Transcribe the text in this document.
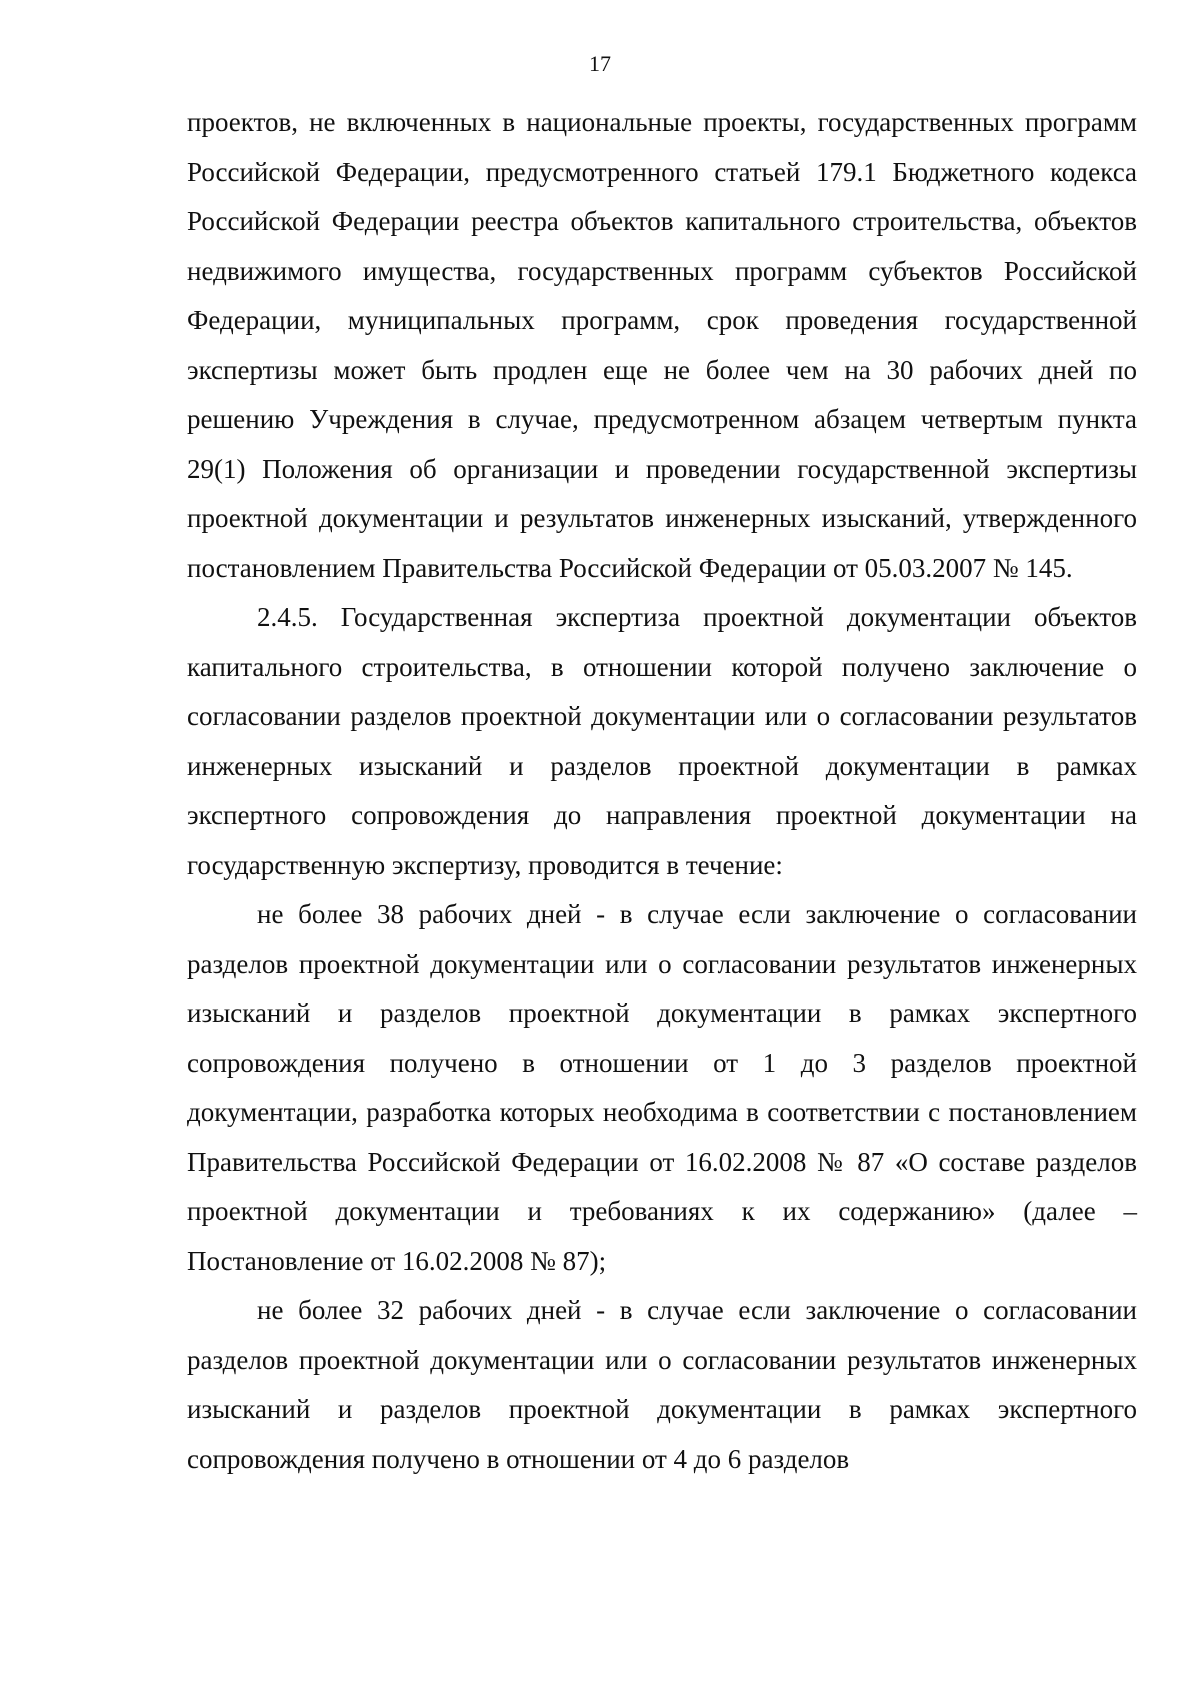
17

проектов, не включенных в национальные проекты, государственных программ Российской Федерации, предусмотренного статьей 179.1 Бюджетного кодекса Российской Федерации реестра объектов капитального строительства, объектов недвижимого имущества, государственных программ субъектов Российской Федерации, муниципальных программ, срок проведения государственной экспертизы может быть продлен еще не более чем на 30 рабочих дней по решению Учреждения в случае, предусмотренном абзацем четвертым пункта 29(1) Положения об организации и проведении государственной экспертизы проектной документации и результатов инженерных изысканий, утвержденного постановлением Правительства Российской Федерации от 05.03.2007 № 145.

2.4.5. Государственная экспертиза проектной документации объектов капитального строительства, в отношении которой получено заключение о согласовании разделов проектной документации или о согласовании результатов инженерных изысканий и разделов проектной документации в рамках экспертного сопровождения до направления проектной документации на государственную экспертизу, проводится в течение:

не более 38 рабочих дней - в случае если заключение о согласовании разделов проектной документации или о согласовании результатов инженерных изысканий и разделов проектной документации в рамках экспертного сопровождения получено в отношении от 1 до 3 разделов проектной документации, разработка которых необходима в соответствии с постановлением Правительства Российской Федерации от 16.02.2008 № 87 «О составе разделов проектной документации и требованиях к их содержанию» (далее – Постановление от 16.02.2008 № 87);

не более 32 рабочих дней - в случае если заключение о согласовании разделов проектной документации или о согласовании результатов инженерных изысканий и разделов проектной документации в рамках экспертного сопровождения получено в отношении от 4 до 6 разделов
